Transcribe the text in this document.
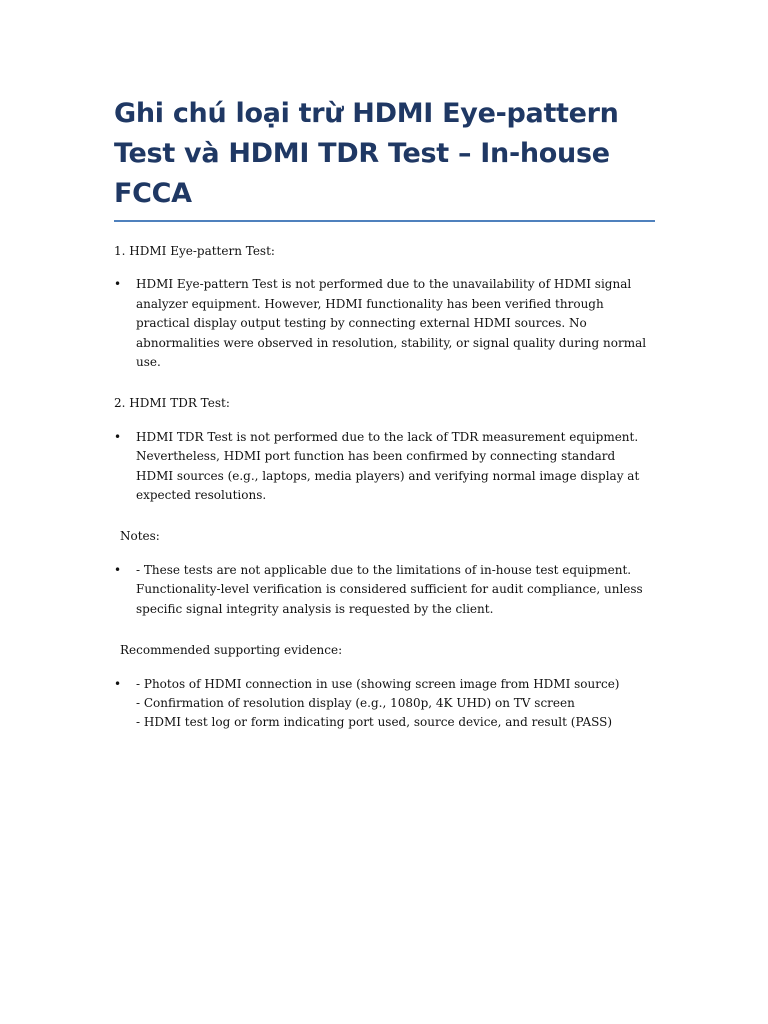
Ghi chú loại trừ HDMI Eye-pattern Test và HDMI TDR Test – In-house FCCA
1. HDMI Eye-pattern Test:
• HDMI Eye-pattern Test is not performed due to the unavailability of HDMI signal analyzer equipment. However, HDMI functionality has been verified through practical display output testing by connecting external HDMI sources. No abnormalities were observed in resolution, stability, or signal quality during normal use.
2. HDMI TDR Test:
• HDMI TDR Test is not performed due to the lack of TDR measurement equipment. Nevertheless, HDMI port function has been confirmed by connecting standard HDMI sources (e.g., laptops, media players) and verifying normal image display at expected resolutions.
Notes:
• - These tests are not applicable due to the limitations of in-house test equipment. Functionality-level verification is considered sufficient for audit compliance, unless specific signal integrity analysis is requested by the client.
Recommended supporting evidence:
• - Photos of HDMI connection in use (showing screen image from HDMI source)
- Confirmation of resolution display (e.g., 1080p, 4K UHD) on TV screen
- HDMI test log or form indicating port used, source device, and result (PASS)
